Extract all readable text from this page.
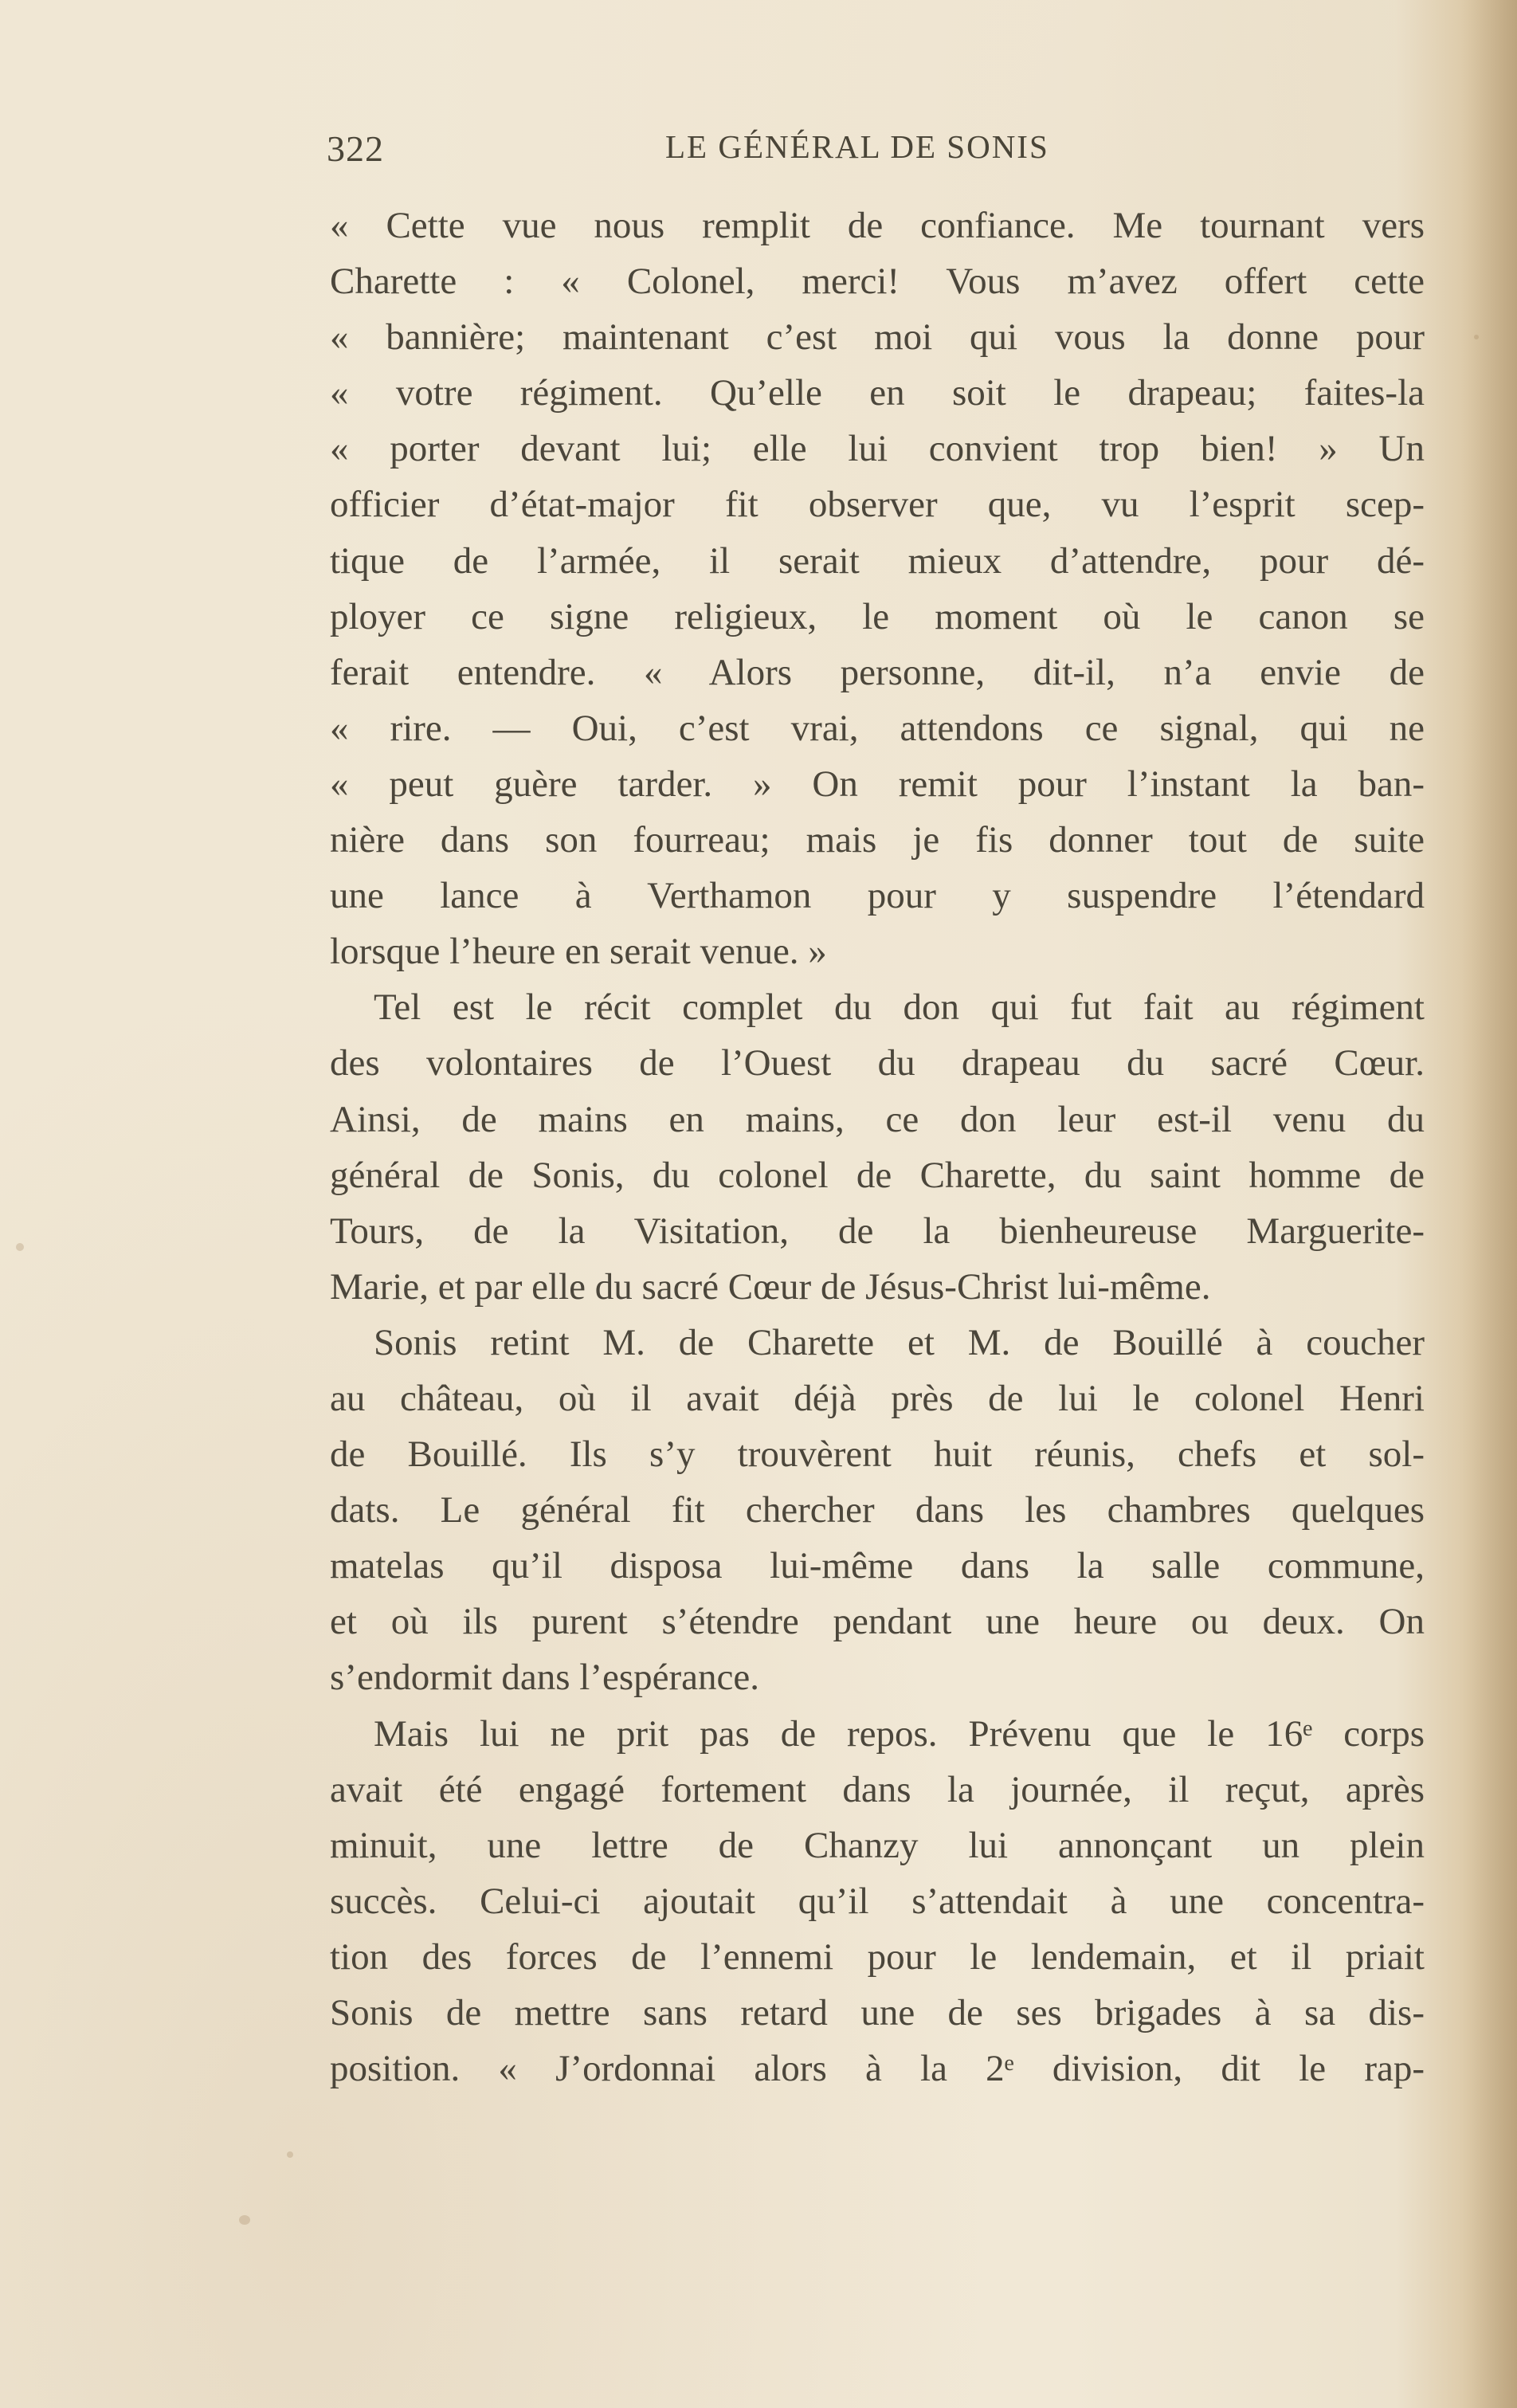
322	LE GÉNÉRAL DE SONIS
« Cette vue nous remplit de confiance. Me tournant vers
Charette : « Colonel, merci! Vous m’avez offert cette
« bannière; maintenant c’est moi qui vous la donne pour
« votre régiment. Qu’elle en soit le drapeau; faites-la
« porter devant lui; elle lui convient trop bien! » Un
officier d’état-major fit observer que, vu l’esprit scep-
tique de l’armée, il serait mieux d’attendre, pour dé-
ployer ce signe religieux, le moment où le canon se
ferait entendre. « Alors personne, dit-il, n’a envie de
« rire. — Oui, c’est vrai, attendons ce signal, qui ne
« peut guère tarder. » On remit pour l’instant la ban-
nière dans son fourreau; mais je fis donner tout de suite
une lance à Verthamon pour y suspendre l’étendard
lorsque l’heure en serait venue. »
Tel est le récit complet du don qui fut fait au régiment
des volontaires de l’Ouest du drapeau du sacré Cœur.
Ainsi, de mains en mains, ce don leur est-il venu du
général de Sonis, du colonel de Charette, du saint homme de
Tours, de la Visitation, de la bienheureuse Marguerite-
Marie, et par elle du sacré Cœur de Jésus-Christ lui-même.
Sonis retint M. de Charette et M. de Bouillé à coucher
au château, où il avait déjà près de lui le colonel Henri
de Bouillé. Ils s’y trouvèrent huit réunis, chefs et sol-
dats. Le général fit chercher dans les chambres quelques
matelas qu’il disposa lui-même dans la salle commune,
et où ils purent s’étendre pendant une heure ou deux. On
s’endormit dans l’espérance.
Mais lui ne prit pas de repos. Prévenu que le 16ᵉ corps
avait été engagé fortement dans la journée, il reçut, après
minuit, une lettre de Chanzy lui annonçant un plein
succès. Celui-ci ajoutait qu’il s’attendait à une concentra-
tion des forces de l’ennemi pour le lendemain, et il priait
Sonis de mettre sans retard une de ses brigades à sa dis-
position. « J’ordonnai alors à la 2ᵉ division, dit le rap-
